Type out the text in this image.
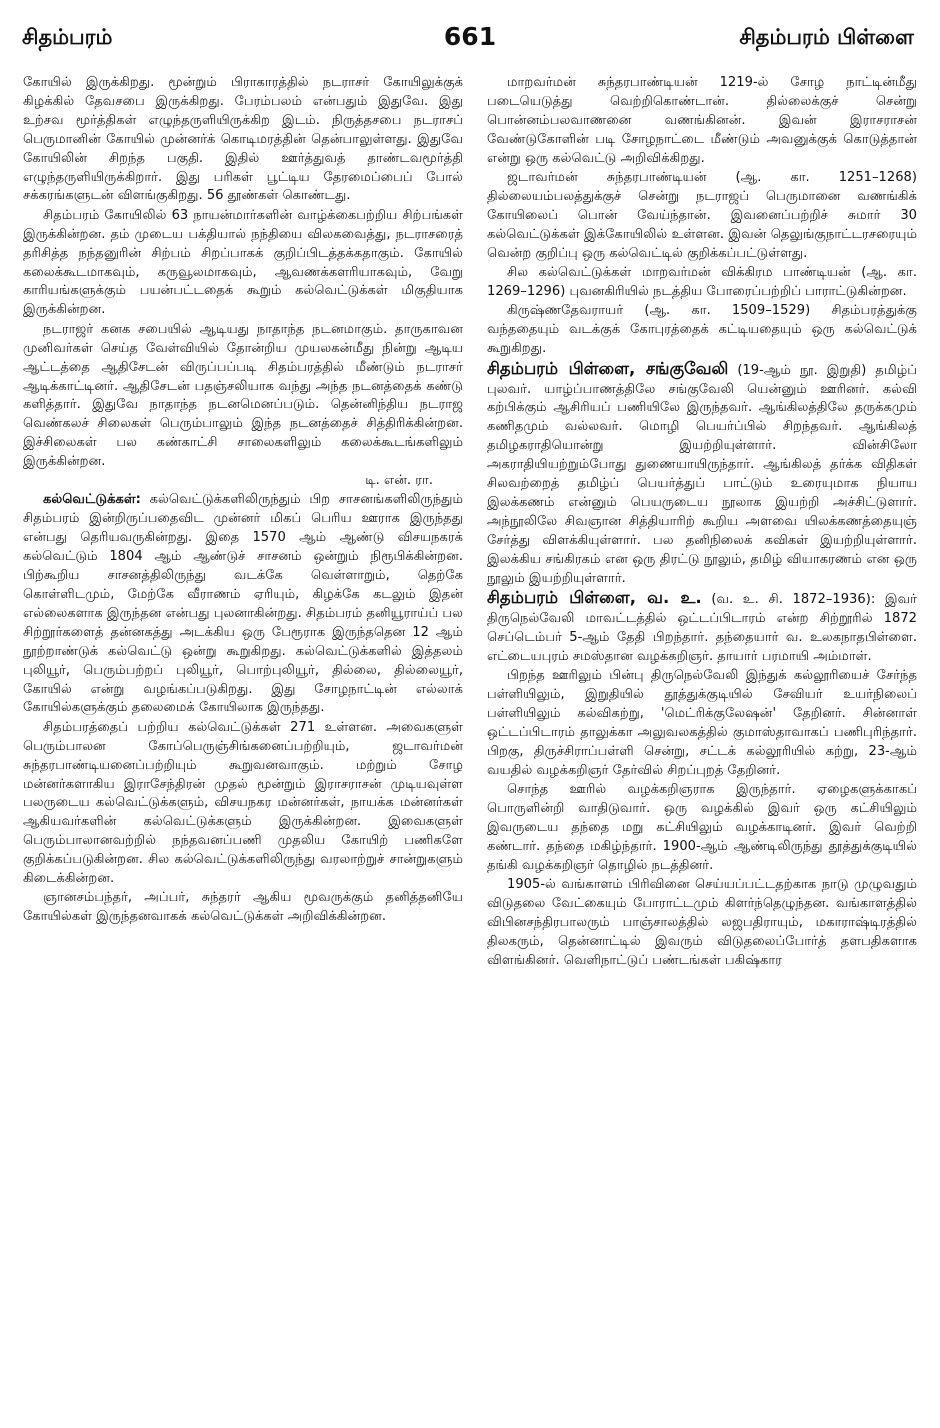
சிதம்பரம்	661	சிதம்பரம் பிள்ளை

கோயில் இருக்கிறது. மூன்றும் பிராகாரத்தில் நடராசர் கோயிலுக்குக் கிழக்கில் தேவசபை இருக்கிறது. பேரம்பலம் என்பதும் இதுவே. இது உற்சவ மூர்த்திகள் எழுந்தருளியிருக்கிற இடம். நிருத்தசபை நடராசப் பெருமானின் கோயில் முன்னர்க் கொடிமரத்தின் தென்பாலுள்ளது. இதுவே கோயிலின் சிறந்த பகுதி. இதில் ஊர்த்துவத் தாண்டவமூர்த்தி எழுந்தருளியிருக்கிறார். இது பரிகள் பூட்டிய தேரமைப்பைப் போல் சக்கரங்களுடன் விளங்குகிறது. 56 தூண்கள் கொண்டது.

சிதம்பரம் கோயிலில் 63 நாயன்மார்களின் வாழ்க்கைபற்றிய சிற்பங்கள் இருக்கின்றன. தம் முடைய பக்தியால் நந்தியை விலகவைத்து, நடராசரைத் தரிசித்த நந்தனுரின் சிற்பம் சிறப்பாகக் குறிப்பிடத்தக்கதாகும். கோயில் கலைக்கூடமாகவும், கருவூலமாகவும், ஆவணக்களரியாகவும், வேறு காரியங்களுக்கும் பயன்பட்டதைக் கூறும் கல்வெட்டுக்கள் மிகுதியாக இருக்கின்றன.

நடராஜர் கனக சபையில் ஆடியது நாதாந்த நடனமாகும். தாருகாவன முனிவர்கள் செய்த வேள்வியில் தோன்றிய முயலகன்மீது நின்று ஆடிய ஆட்டத்தை ஆதிசேடன் விருப்பப்படி சிதம்பரத்தில் மீண்டும் நடராசர் ஆடிக்காட்டினர். ஆதிசேடன் பதஞ்சலியாக வந்து அந்த நடனத்தைக் கண்டு களித்தார். இதுவே நாதாந்த நடனமெனப்படும். தென்னிந்திய நடராஜ வெண்கலச் சிலைகள் பெரும்பாலும் இந்த நடனத்தைச் சித்திரிக்கின்றன. இச்சிலைகள் பல கண்காட்சி சாலைகளிலும் கலைக்கூடங்களிலும் இருக்கின்றன.
டி. என். ரா.

கல்வெட்டுக்கள்: கல்வெட்டுக்களிலிருந்தும் பிற சாசனங்களிலிருந்தும் சிதம்பரம் இன்றிருப்பதைவிட முன்னர் மிகப் பெரிய ஊராக இருந்தது என்பது தெரியவருகின்றது. இதை 1570 ஆம் ஆண்டு விசயநகரக் கல்வெட்டும் 1804 ஆம் ஆண்டுச் சாசனம் ஒன்றும் நிரூபிக்கின்றன. பிற்கூறிய சாசனத்திலிருந்து வடக்கே வெள்ளாறும், தெற்கே கொள்ளிடமும், மேற்கே வீராணம் ஏரியும், கிழக்கே கடலும் இதன் எல்லைகளாக இருந்தன என்பது புலனாகின்றது. சிதம்பரம் தனியூராய்ப் பல சிற்றூர்களைத் தன்னகத்து அடக்கிய ஒரு பேரூராக இருந்ததென 12 ஆம் நூற்றாண்டுக் கல்வெட்டு ஒன்று கூறுகிறது. கல்வெட்டுக்களில் இத்தலம் புலியூர், பெரும்பற்றப் புலியூர், பொற்புலியூர், தில்லை, தில்லையூர், கோயில் என்று வழங்கப்படுகிறது. இது சோழநாட்டின் எல்லாக் கோயில்களுக்கும் தலைமைக் கோயிலாக இருந்தது.

சிதம்பரத்தைப் பற்றிய கல்வெட்டுக்கள் 271 உள்ளன. அவைகளுள் பெரும்பாலன கோப்பெருஞ்சிங்கனைப்பற்றியும், ஜடாவர்மன் சுந்தரபாண்டியனைப்பற்றியும் கூறுவனவாகும். மற்றும் சோழ மன்னர்களாகிய இராசேந்திரன் முதல் மூன்றும் இராசராசன் முடியவுள்ள பலருடைய கல்வெட்டுக்களும், விசயநகர மன்னர்கள், நாயக்க மன்னர்கள் ஆகியவர்களின் கல்வெட்டுக்களும் இருக்கின்றன. இவைகளுள் பெரும்பாலானவற்றில் நந்தவனப்பணி முதலிய கோயிற் பணிகளே குறிக்கப்படுகின்றன. சில கல்வெட்டுக்களிலிருந்து வரலாற்றுச் சான்றுகளும் கிடைக்கின்றன.

ஞானசம்பந்தர், அப்பர், சுந்தரர் ஆகிய மூவருக்கும் தனித்தனியே கோயில்கள் இருந்தனவாகக் கல்வெட்டுக்கள் அறிவிக்கின்றன.

மாறவர்மன் சுந்தரபாண்டியன் 1219-ல் சோழ நாட்டின்மீது படையெடுத்து வெற்றிகொண்டான். தில்லைக்குச் சென்று பொன்னம்பலவாணனை வணங்கினன். இவன் இராசராசன் வேண்டுகோளின் படி சோழநாட்டை மீண்டும் அவனுக்குக் கொடுத்தான் என்று ஒரு கல்வெட்டு அறிவிக்கிறது.

ஜடாவர்மன் சுந்தரபாண்டியன் (ஆ. கா. 1251–1268) தில்லையம்பலத்துக்குச் சென்று நடராஜப் பெருமானை வணங்கிக் கோயிலைப் பொன் வேய்ந்தான். இவனைப்பற்றிச் சுமார் 30 கல்வெட்டுக்கள் இக்கோயிலில் உள்ளன. இவன் தெலுங்குநாட்டரசரையும் வென்ற குறிப்பு ஒரு கல்வெட்டில் குறிக்கப்பட்டுள்ளது.

சில கல்வெட்டுக்கள் மாறவர்மன் விக்கிரம பாண்டியன் (ஆ. கா. 1269–1296) புவனகிரியில் நடத்திய போரைப்பற்றிப் பாராட்டுகின்றன.

கிருஷ்ணதேவராயர் (ஆ. கா. 1509–1529) சிதம்பரத்துக்கு வந்ததையும் வடக்குக் கோபுரத்தைக் கட்டியதையும் ஒரு கல்வெட்டுக் கூறுகிறது.

சிதம்பரம் பிள்ளை, சங்குவேலி (19-ஆம் நூ. இறுதி) தமிழ்ப் புலவர். யாழ்ப்பாணத்திலே சங்குவேலி யென்னும் ஊரினர். கல்வி கற்பிக்கும் ஆசிரியப் பணியிலே இருந்தவர். ஆங்கிலத்திலே தருக்கமும் கணிதமும் வல்லவர். மொழி பெயர்ப்பில் சிறந்தவர். ஆங்கிலத் தமிழகராதியொன்று இயற்றியுள்ளார். வின்சிலோ அகராதியியற்றும்போது துணையாயிருந்தார். ஆங்கிலத் தர்க்க விதிகள் சிலவற்றைத் தமிழ்ப் பெயர்த்துப் பாட்டும் உரையுமாக நியாய இலக்கணம் என்னும் பெயருடைய நூலாக இயற்றி அச்சிட்டுளார். அந்நூலிலே சிவஞான சித்தியாரிற் கூறிய அளவை யிலக்கணத்தையுஞ் சேர்த்து விளக்கியுள்ளார். பல தனிநிலைக் கவிகள் இயற்றியுள்ளார். இலக்கிய சங்கிரகம் என ஒரு திரட்டு நூலும், தமிழ் வியாகரணம் என ஒரு நூலும் இயற்றியுள்ளார்.

சிதம்பரம் பிள்ளை, வ. உ. (வ. உ. சி. 1872–1936): இவர் திருநெல்வேலி மாவட்டத்தில் ஒட்டப்பிடாரம் என்ற சிற்றூரில் 1872 செப்டெம்பர் 5-ஆம் தேதி பிறந்தார். தந்தையார் வ. உலகநாதபிள்ளை. எட்டையபுரம் சமஸ்தான வழக்கறிஞர். தாயார் பரமாயி அம்மாள்.

பிறந்த ஊரிலும் பின்பு திருநெல்வேலி இந்துக் கல்லூரியைச் சேர்ந்த பள்ளியிலும், இறுதியில் தூத்துக்குடியில் சேவியர் உயர்நிலைப் பள்ளியிலும் கல்விகற்று, 'மெட்ரிக்குலேஷன்' தேறினர். சின்னாள் ஒட்டப்பிடாரம் தாலுக்கா அலுவலகத்தில் குமாஸ்தாவாகப் பணிபுரிந்தார். பிறகு, திருச்சிராப்பள்ளி சென்று, சட்டக் கல்லூரியில் கற்று, 23-ஆம் வயதில் வழக்கறிஞர் தேர்வில் சிறப்புறத் தேறினர்.

சொந்த ஊரில் வழக்கறிஞராக இருந்தார். ஏழைகளுக்காகப் பொருளின்றி வாதிடுவார். ஒரு வழக்கில் இவர் ஒரு கட்சியிலும் இவருடைய தந்தை மறு கட்சியிலும் வழக்காடினர். இவர் வெற்றி கண்டார். தந்தை மகிழ்ந்தார். 1900-ஆம் ஆண்டிலிருந்து தூத்துக்குடியில் தங்கி வழக்கறிஞர் தொழில் நடத்தினர்.

1905-ல் வங்காளம் பிரிவினை செய்யப்பட்டதற்காக நாடு முழுவதும் விடுதலை வேட்கையும் போராட்டமும் கிளர்ந்தெழுந்தன. வங்காளத்தில் விபினசந்திரபாலரும் பாஞ்சாலத்தில் லஜபதிராயும், மகாராஷ்டிரத்தில் திலகரும், தென்னாட்டில் இவரும் விடுதலைப்போர்த் தளபதிகளாக விளங்கினர். வெளிநாட்டுப் பண்டங்கள் பகிஷ்கார
